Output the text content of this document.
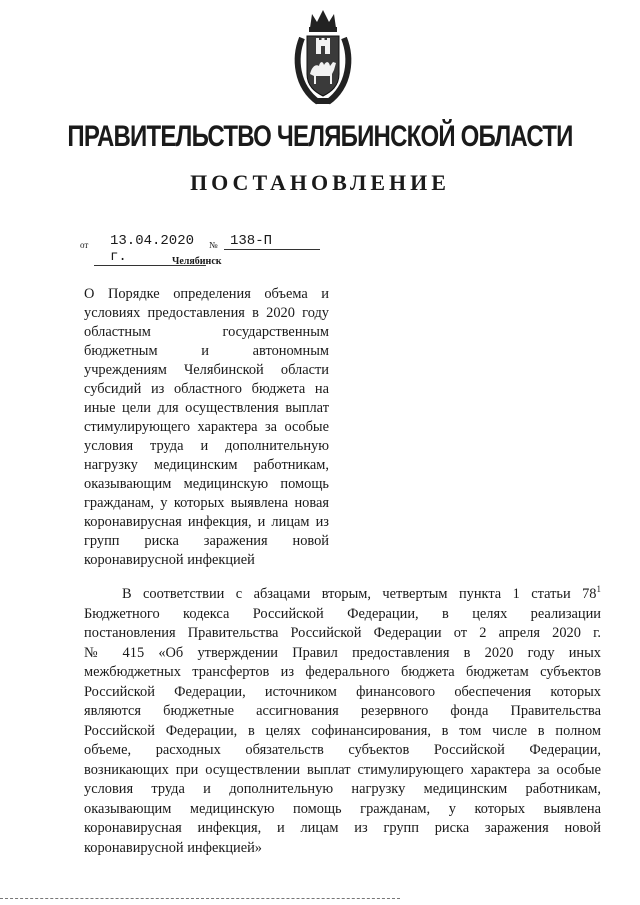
ПРАВИТЕЛЬСТВО ЧЕЛЯБИНСКОЙ ОБЛАСТИ
ПОСТАНОВЛЕНИЕ
от	13.04.2020 г.
№ 138-П
Челябинск
О Порядке определения объема и
условиях предоставления в 2020 году
областным государственным
бюджетным и автономным
учреждениям Челябинской области
субсидий из областного бюджета на
иные цели для осуществления выплат
стимулирующего характера за особые
условия труда и дополнительную
нагрузку медицинским работникам,
оказывающим медицинскую помощь
гражданам, у которых выявлена новая
коронавирусная инфекция, и лицам из
групп риска заражения новой
коронавирусной инфекцией
В соответствии с абзацами вторым, четвертым пункта 1 статьи $78^1$
Бюджетного кодекса Российской Федерации, в целях реализации
постановления Правительства Российской Федерации от 2 апреля 2020 г.
№ 415 «Об утверждении Правил предоставления в 2020 году иных
межбюджетных трансфертов из федерального бюджета бюджетам субъектов
Российской Федерации, источником финансового обеспечения которых
являются бюджетные ассигнования резервного фонда Правительства
Российской Федерации, в целях софинансирования, в том числе в полном
объеме, расходных обязательств субъектов Российской Федерации,
возникающих при осуществлении выплат стимулирующего характера за особые
условия труда и дополнительную нагрузку медицинским работникам,
оказывающим медицинскую помощь гражданам, у которых выявлена
коронавирусная инфекция, и лицам из групп риска заражения новой
коронавирусной инфекцией»
